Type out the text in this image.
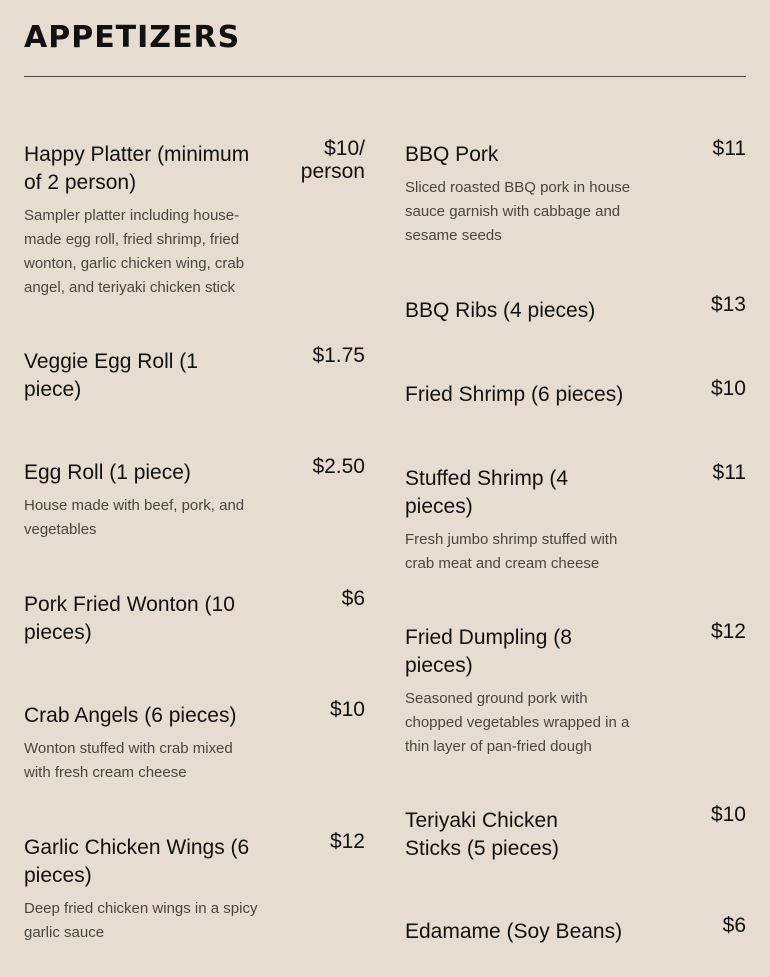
APPETIZERS
Happy Platter (minimum of 2 person)
$10/ person
Sampler platter including house-made egg roll, fried shrimp, fried wonton, garlic chicken wing, crab angel, and teriyaki chicken stick
Veggie Egg Roll (1 piece)
$1.75
Egg Roll (1 piece)	$2.50
House made with beef, pork, and vegetables
Pork Fried Wonton (10 pieces)
$6
Crab Angels (6 pieces)	$10
Wonton stuffed with crab mixed with fresh cream cheese
Garlic Chicken Wings (6 pieces)
$12
Deep fried chicken wings in a spicy garlic sauce
BBQ Pork	$11
Sliced roasted BBQ pork in house sauce garnish with cabbage and sesame seeds
BBQ Ribs (4 pieces)	$13
Fried Shrimp (6 pieces)	$10
Stuffed Shrimp (4 pieces)
$11
Fresh jumbo shrimp stuffed with crab meat and cream cheese
Fried Dumpling (8 pieces)
$12
Seasoned ground pork with chopped vegetables wrapped in a thin layer of pan-fried dough
Teriyaki Chicken Sticks (5 pieces)
$10
Edamame (Soy Beans)	$6
